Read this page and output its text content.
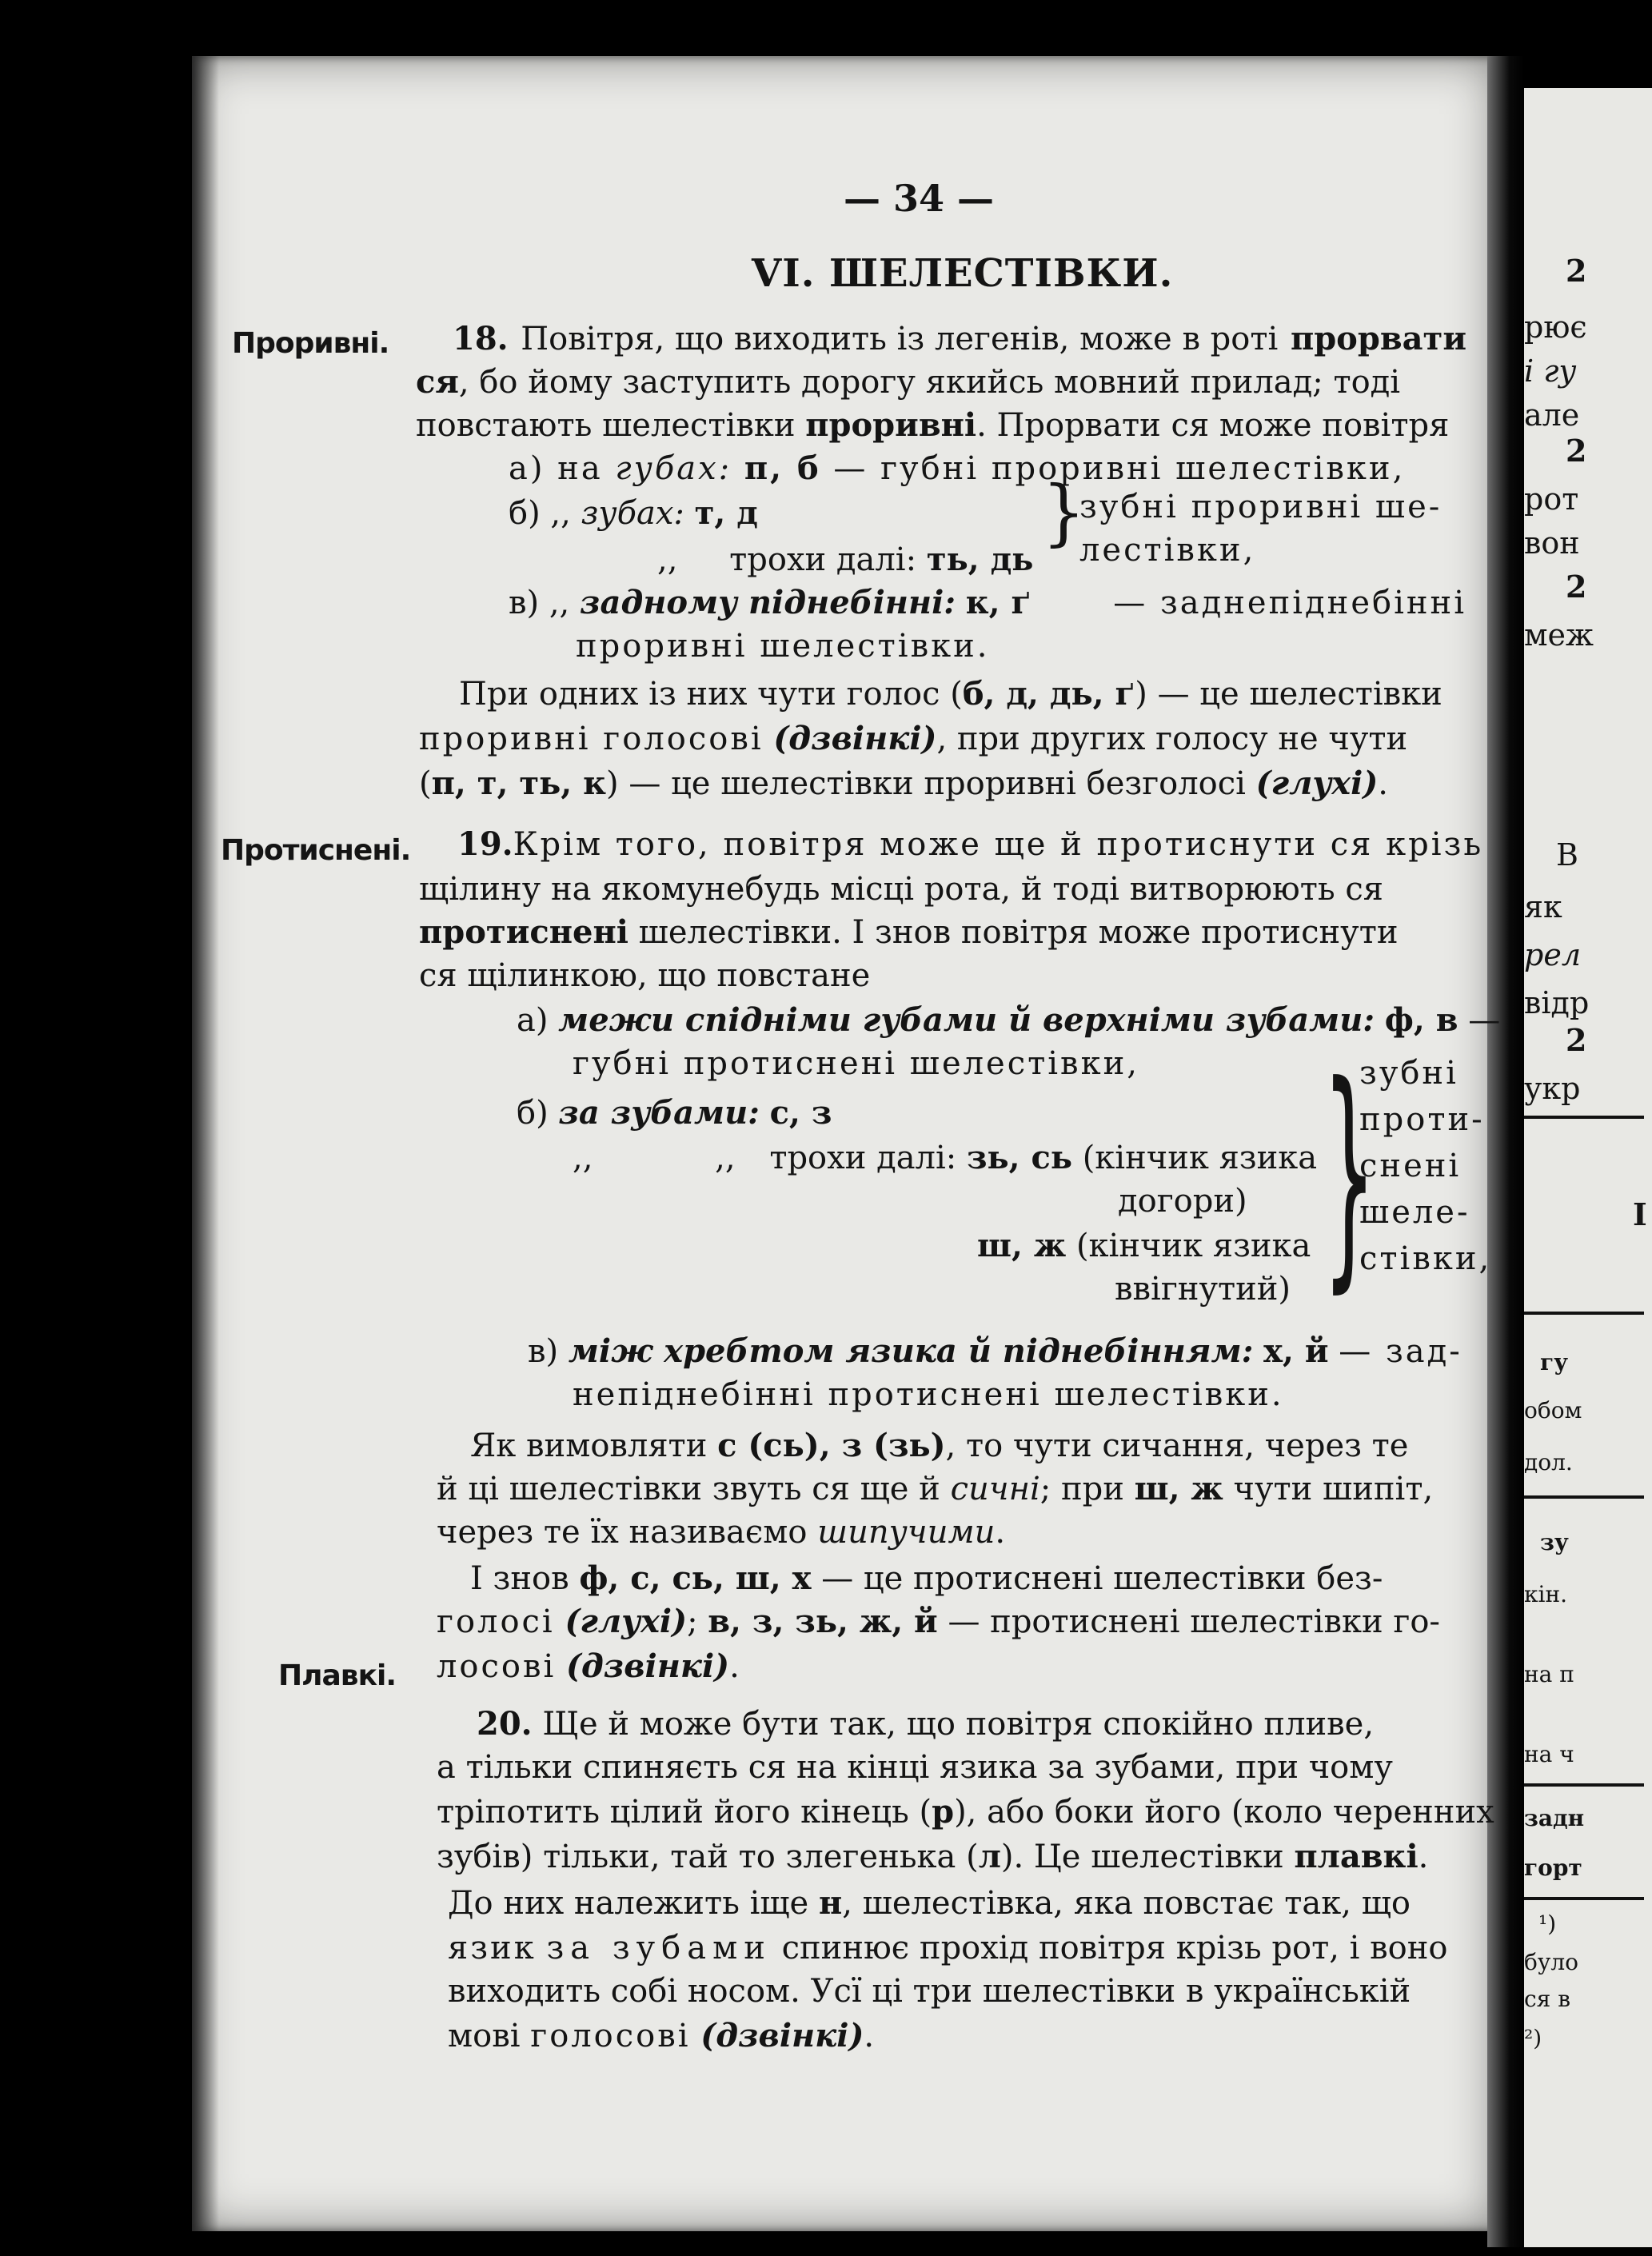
2
рює
і гу
але
2
рот
вон
2
меж
В
як
рел
відр
2
укр
І
гу
обом
дол.
зу
кін.
на п
на ч
задн
горт
¹)
було
ся в
²)
— 34 —
VI. ШЕЛЕСТІВКИ.
Проривні.
Протиснені.
Плавкі.
18. Повітря, що виходить із легенів, може в роті прорвати
ся, бо йому заступить дорогу якийсь мовний прилад; тодi
повстають шелестівки проривні. Прорвати ся може повітря
а) на губах: п, б — губні проривні шелестівки,
б) ,, зубах: т, д
,, трохи далі: ть, дь
}
зубні проривні ше-
лестівки,
в) ,, задному піднебінні: к, ґ	— заднепіднебінні
проривні шелестівки.
При одних із них чути голос (б, д, дь, ґ) — це шелестівки
проривні голосові (дзвінкі), при других голосу не чути
(п, т, ть, к) — це шелестівки проривні безголосі (глухі).
19. Крім того, повітря може ще й протиснути ся крізь
щілину на якомунебудь місці рота, й тоді витворюють ся
протиснені шелестівки. І знов повітря може протиснути
ся щілинкою, що повстане
а) межи спідніми губами й верхніми зубами: ф, в —
губні протиснені шелестівки,
б) за зубами: с, з
,,	,, трохи далі: зь, сь (кінчик язика
догори)
ш, ж (кінчик язика
ввігнутий) }
зубні
проти-
снені
шеле-
стівки,
в) між хребтом язика й піднебінням: х, й — зад-
непіднебінні протиснені шелестівки.
Як вимовляти с (сь), з (зь), то чути сичання, через те
й ці шелестівки звуть ся ще й сичні; при ш, ж чути шипіт,
через те їх називаємо шипучими.
І знов ф, с, сь, ш, х — це протиснені шелестівки без-
голосі (глухі); в, з, зь, ж, й — протиснені шелестівки го-
лосові (дзвінкі).
20. Ще й може бути так, що повітря спокійно пливе,
а тільки спиняєть ся на кінці язика за зубами, при чому
тріпотить цілий його кінець (р), або боки його (коло черенних
зубів) тільки, тай то злегенька (л). Це шелестівки плавкі.
До них належить іще н, шелестівка, яка повстає так, що
язик за зубами спинює прохід повітря крізь рот, і воно
виходить собі носом. Усї ці три шелестівки в українській
мові голосові (дзвінкі).
